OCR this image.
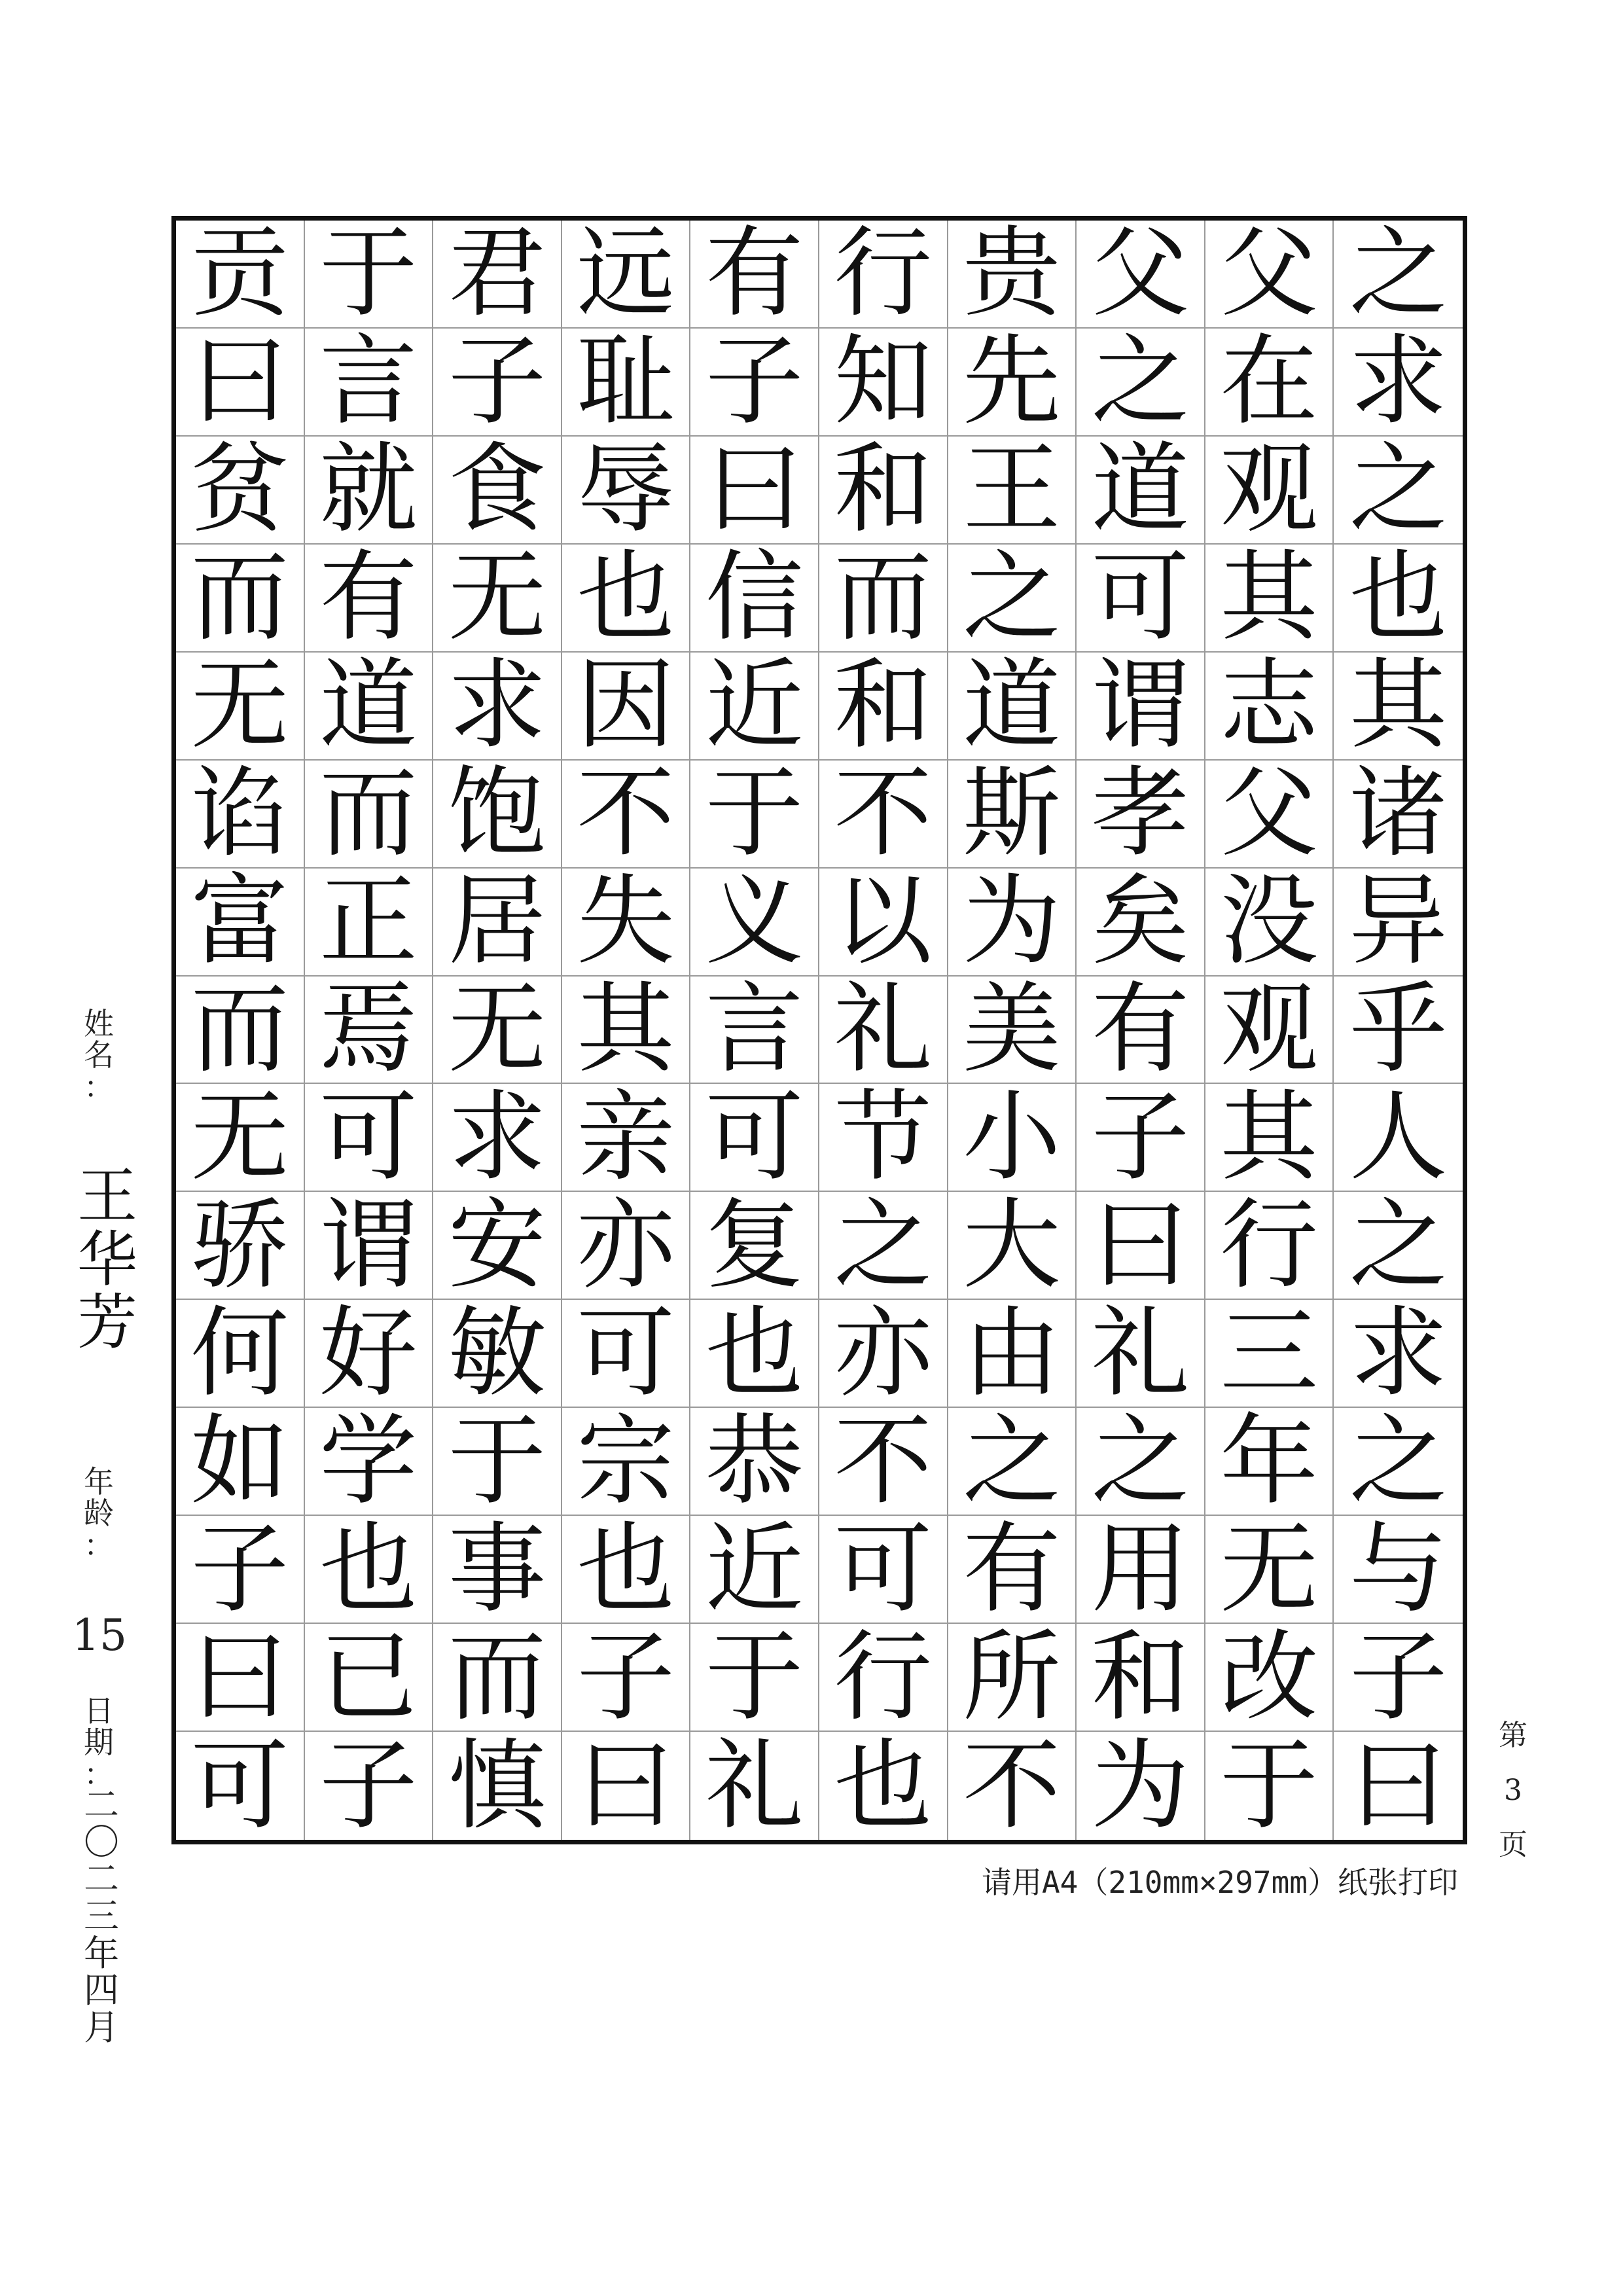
贡 于 君 远 有 行 贵 父 父 之
曰 言 子 耻 子 知 先 之 在 求
贫 就 食 辱 曰 和 王 道 观 之
而 有 无 也 信 而 之 可 其 也
无 道 求 因 近 和 道 谓 志 其
谄 而 饱 不 于 不 斯 孝 父 诸
富 正 居 失 义 以 为 矣 没 异
而 焉 无 其 言 礼 美 有 观 乎
无 可 求 亲 可 节 小 子 其 人
骄 谓 安 亦 复 之 大 曰 行 之
何 好 敏 可 也 亦 由 礼 三 求
如 学 于 宗 恭 不 之 之 年 之
子 也 事 也 近 可 有 用 无 与
曰 已 而 子 于 行 所 和 改 子
可 子 慎 曰 礼 也 不 为 于 曰
姓
名
：
王
华
芳
年
龄
：
15
日
期
：
二
〇
二
三
年
四
月
第
3
页
请用A4（210mm×297mm）纸张打印
